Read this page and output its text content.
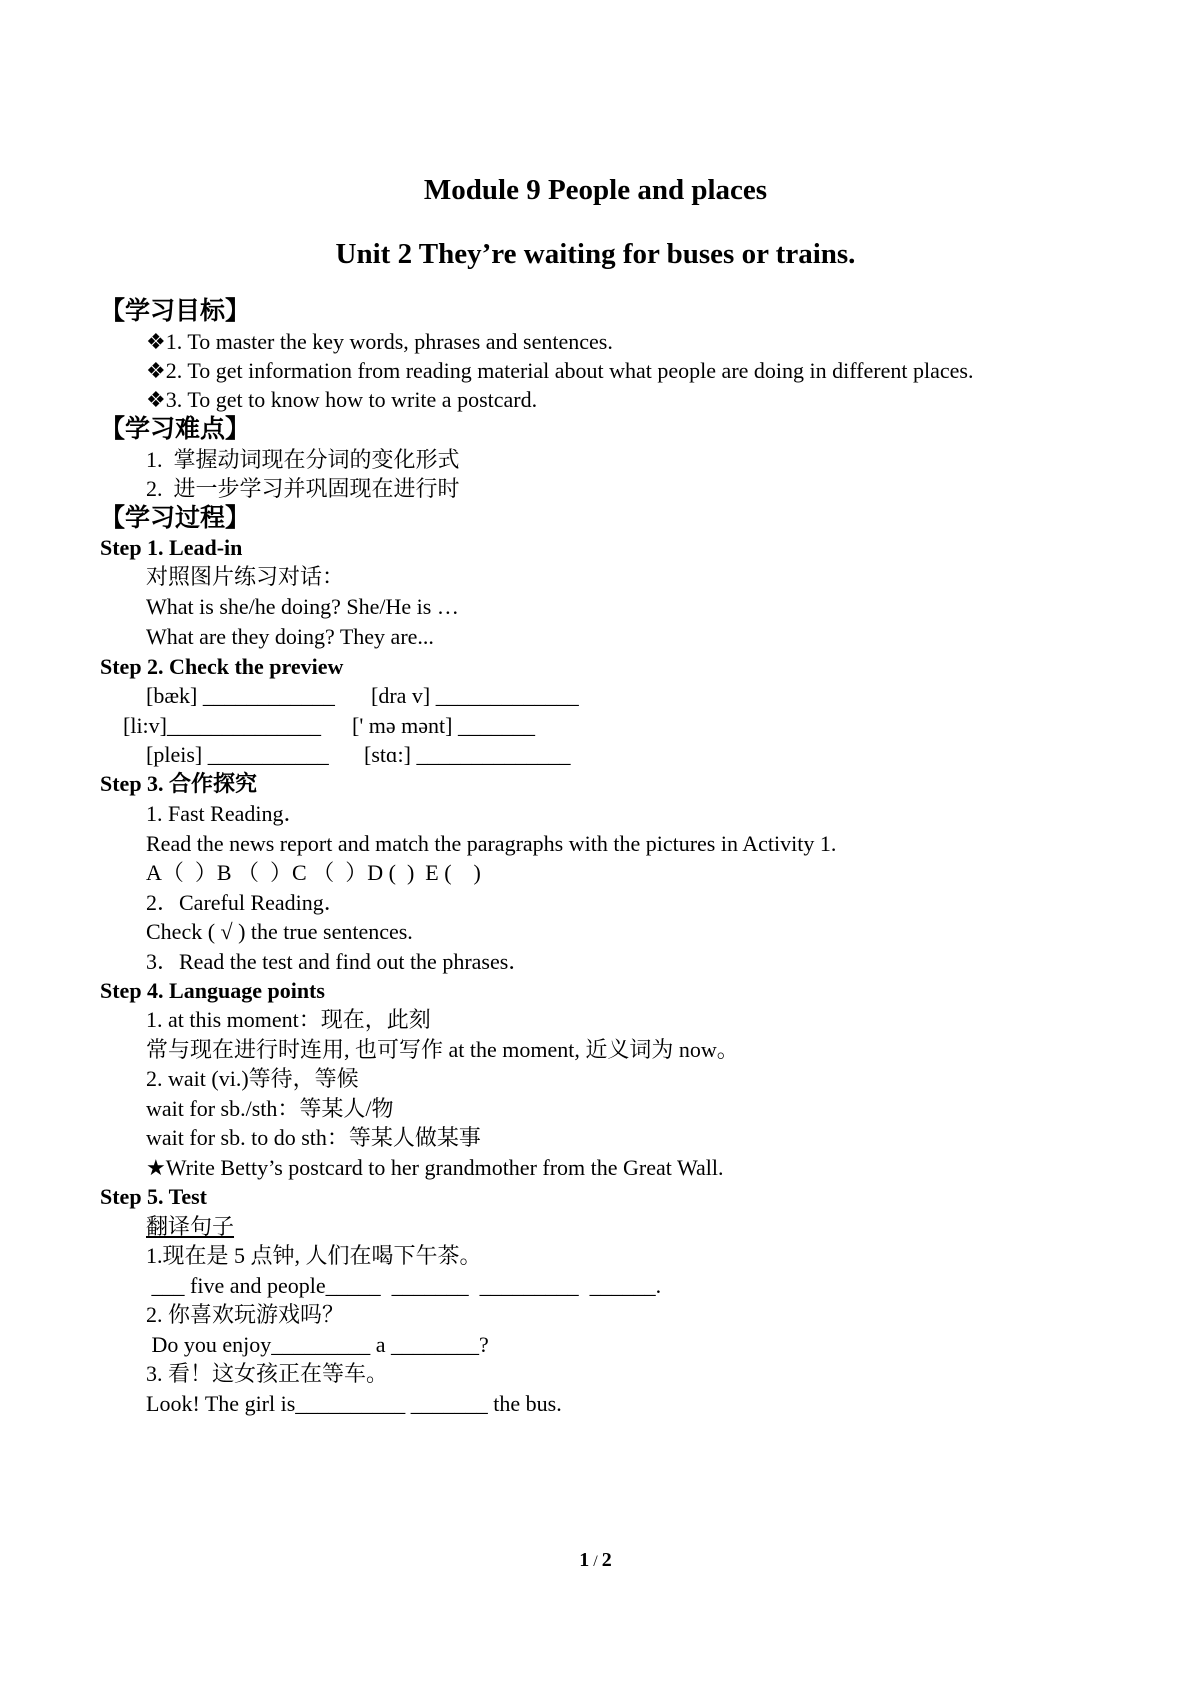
Module 9 People and places
Unit 2 They’re waiting for buses or trains.
【学习目标】
❖1. To master the key words, phrases and sentences.
❖2. To get information from reading material about what people are doing in different places.
❖3. To get to know how to write a postcard.
【学习难点】
1.  掌握动词现在分词的变化形式
2.  进一步学习并巩固现在进行时
【学习过程】
Step 1. Lead-in
对照图片练习对话：
What is she/he doing? She/He is …
What are they doing? They are...
Step 2. Check the preview
[bæk] ____________ [dra v] _____________
[li:v]______________ [' mə mənt] _______
[pleis] ___________ [stɑ:] ______________
Step 3. 合作探究
1. Fast Reading．
Read the news report and match the paragraphs with the pictures in Activity 1.
A（  ）B （  ）C （  ）D (  )  E (    )
2．Careful Reading．
Check ( √ ) the true sentences.
3．Read the test and find out the phrases．
Step 4. Language points
1. at this moment：现在，此刻
常与现在进行时连用, 也可写作 at the moment, 近义词为 now。
2. wait (vi.)等待，等候
wait for sb./sth：等某人/物
wait for sb. to do sth：等某人做某事
★Write Betty’s postcard to her grandmother from the Great Wall.
Step 5. Test
翻译句子
1.现在是 5 点钟, 人们在喝下午茶。
___ five and people_____  _______  _________  ______.
2. 你喜欢玩游戏吗？
Do you enjoy_________ a ________?
3. 看！这女孩正在等车。
Look! The girl is__________ _______ the bus.
1 / 2
